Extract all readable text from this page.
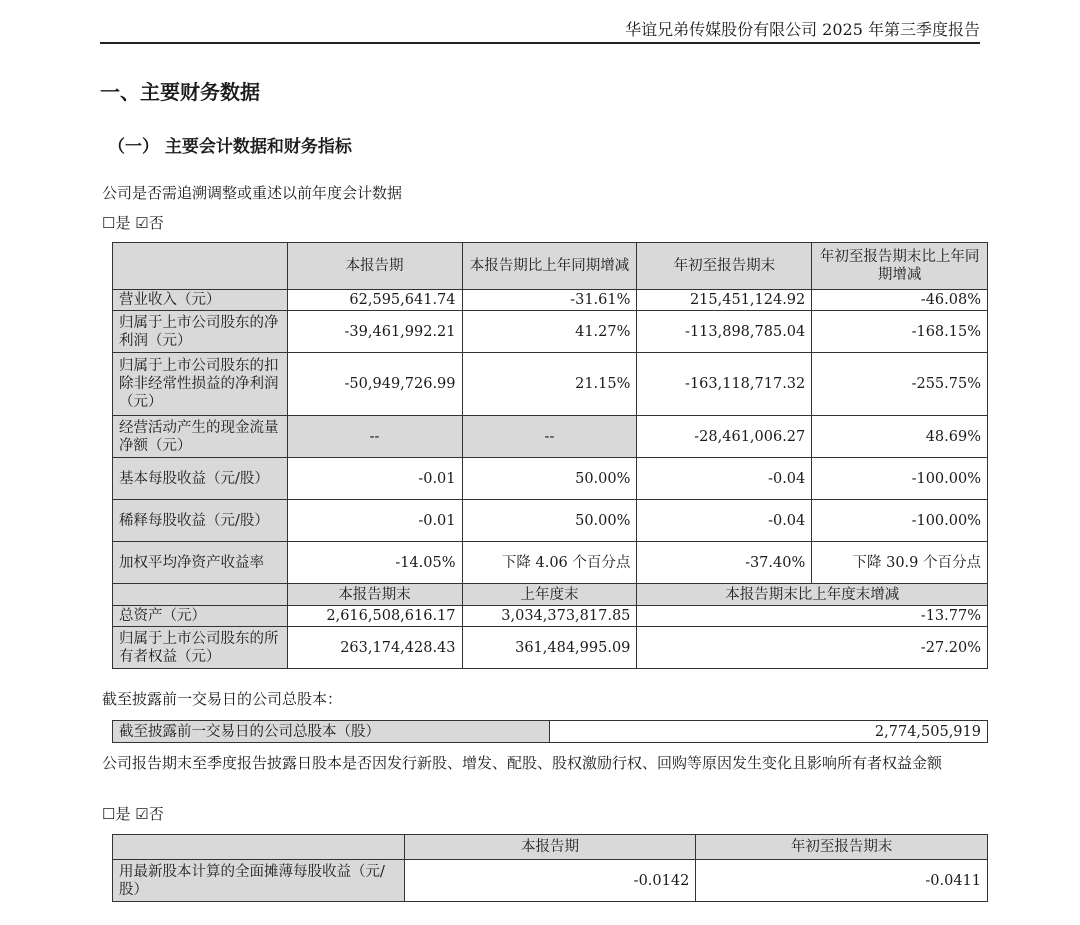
华谊兄弟传媒股份有限公司 2025 年第三季度报告
一、主要财务数据
（一） 主要会计数据和财务指标
公司是否需追溯调整或重述以前年度会计数据
☐是 ☑否
	本报告期	本报告期比上年同期增减	年初至报告期末	年初至报告期末比上年同期增减
营业收入（元）	62,595,641.74	-31.61%	215,451,124.92	-46.08%
归属于上市公司股东的净利润（元）	-39,461,992.21	41.27%	-113,898,785.04	-168.15%
归属于上市公司股东的扣除非经常性损益的净利润（元）	-50,949,726.99	21.15%	-163,118,717.32	-255.75%
经营活动产生的现金流量净额（元）	--	--	-28,461,006.27	48.69%
基本每股收益（元/股）	-0.01	50.00%	-0.04	-100.00%
稀释每股收益（元/股）	-0.01	50.00%	-0.04	-100.00%
加权平均净资产收益率	-14.05%	下降 4.06 个百分点	-37.40%	下降 30.9 个百分点
	本报告期末	上年度末	本报告期末比上年度末增减	
总资产（元）	2,616,508,616.17	3,034,373,817.85	-13.77%	
归属于上市公司股东的所有者权益（元）	263,174,428.43	361,484,995.09	-27.20%	
截至披露前一交易日的公司总股本：
截至披露前一交易日的公司总股本（股）	2,774,505,919
公司报告期末至季度报告披露日股本是否因发行新股、增发、配股、股权激励行权、回购等原因发生变化且影响所有者权益金额
☐是 ☑否
	本报告期	年初至报告期末
用最新股本计算的全面摊薄每股收益（元/股）	-0.0142	-0.0411
